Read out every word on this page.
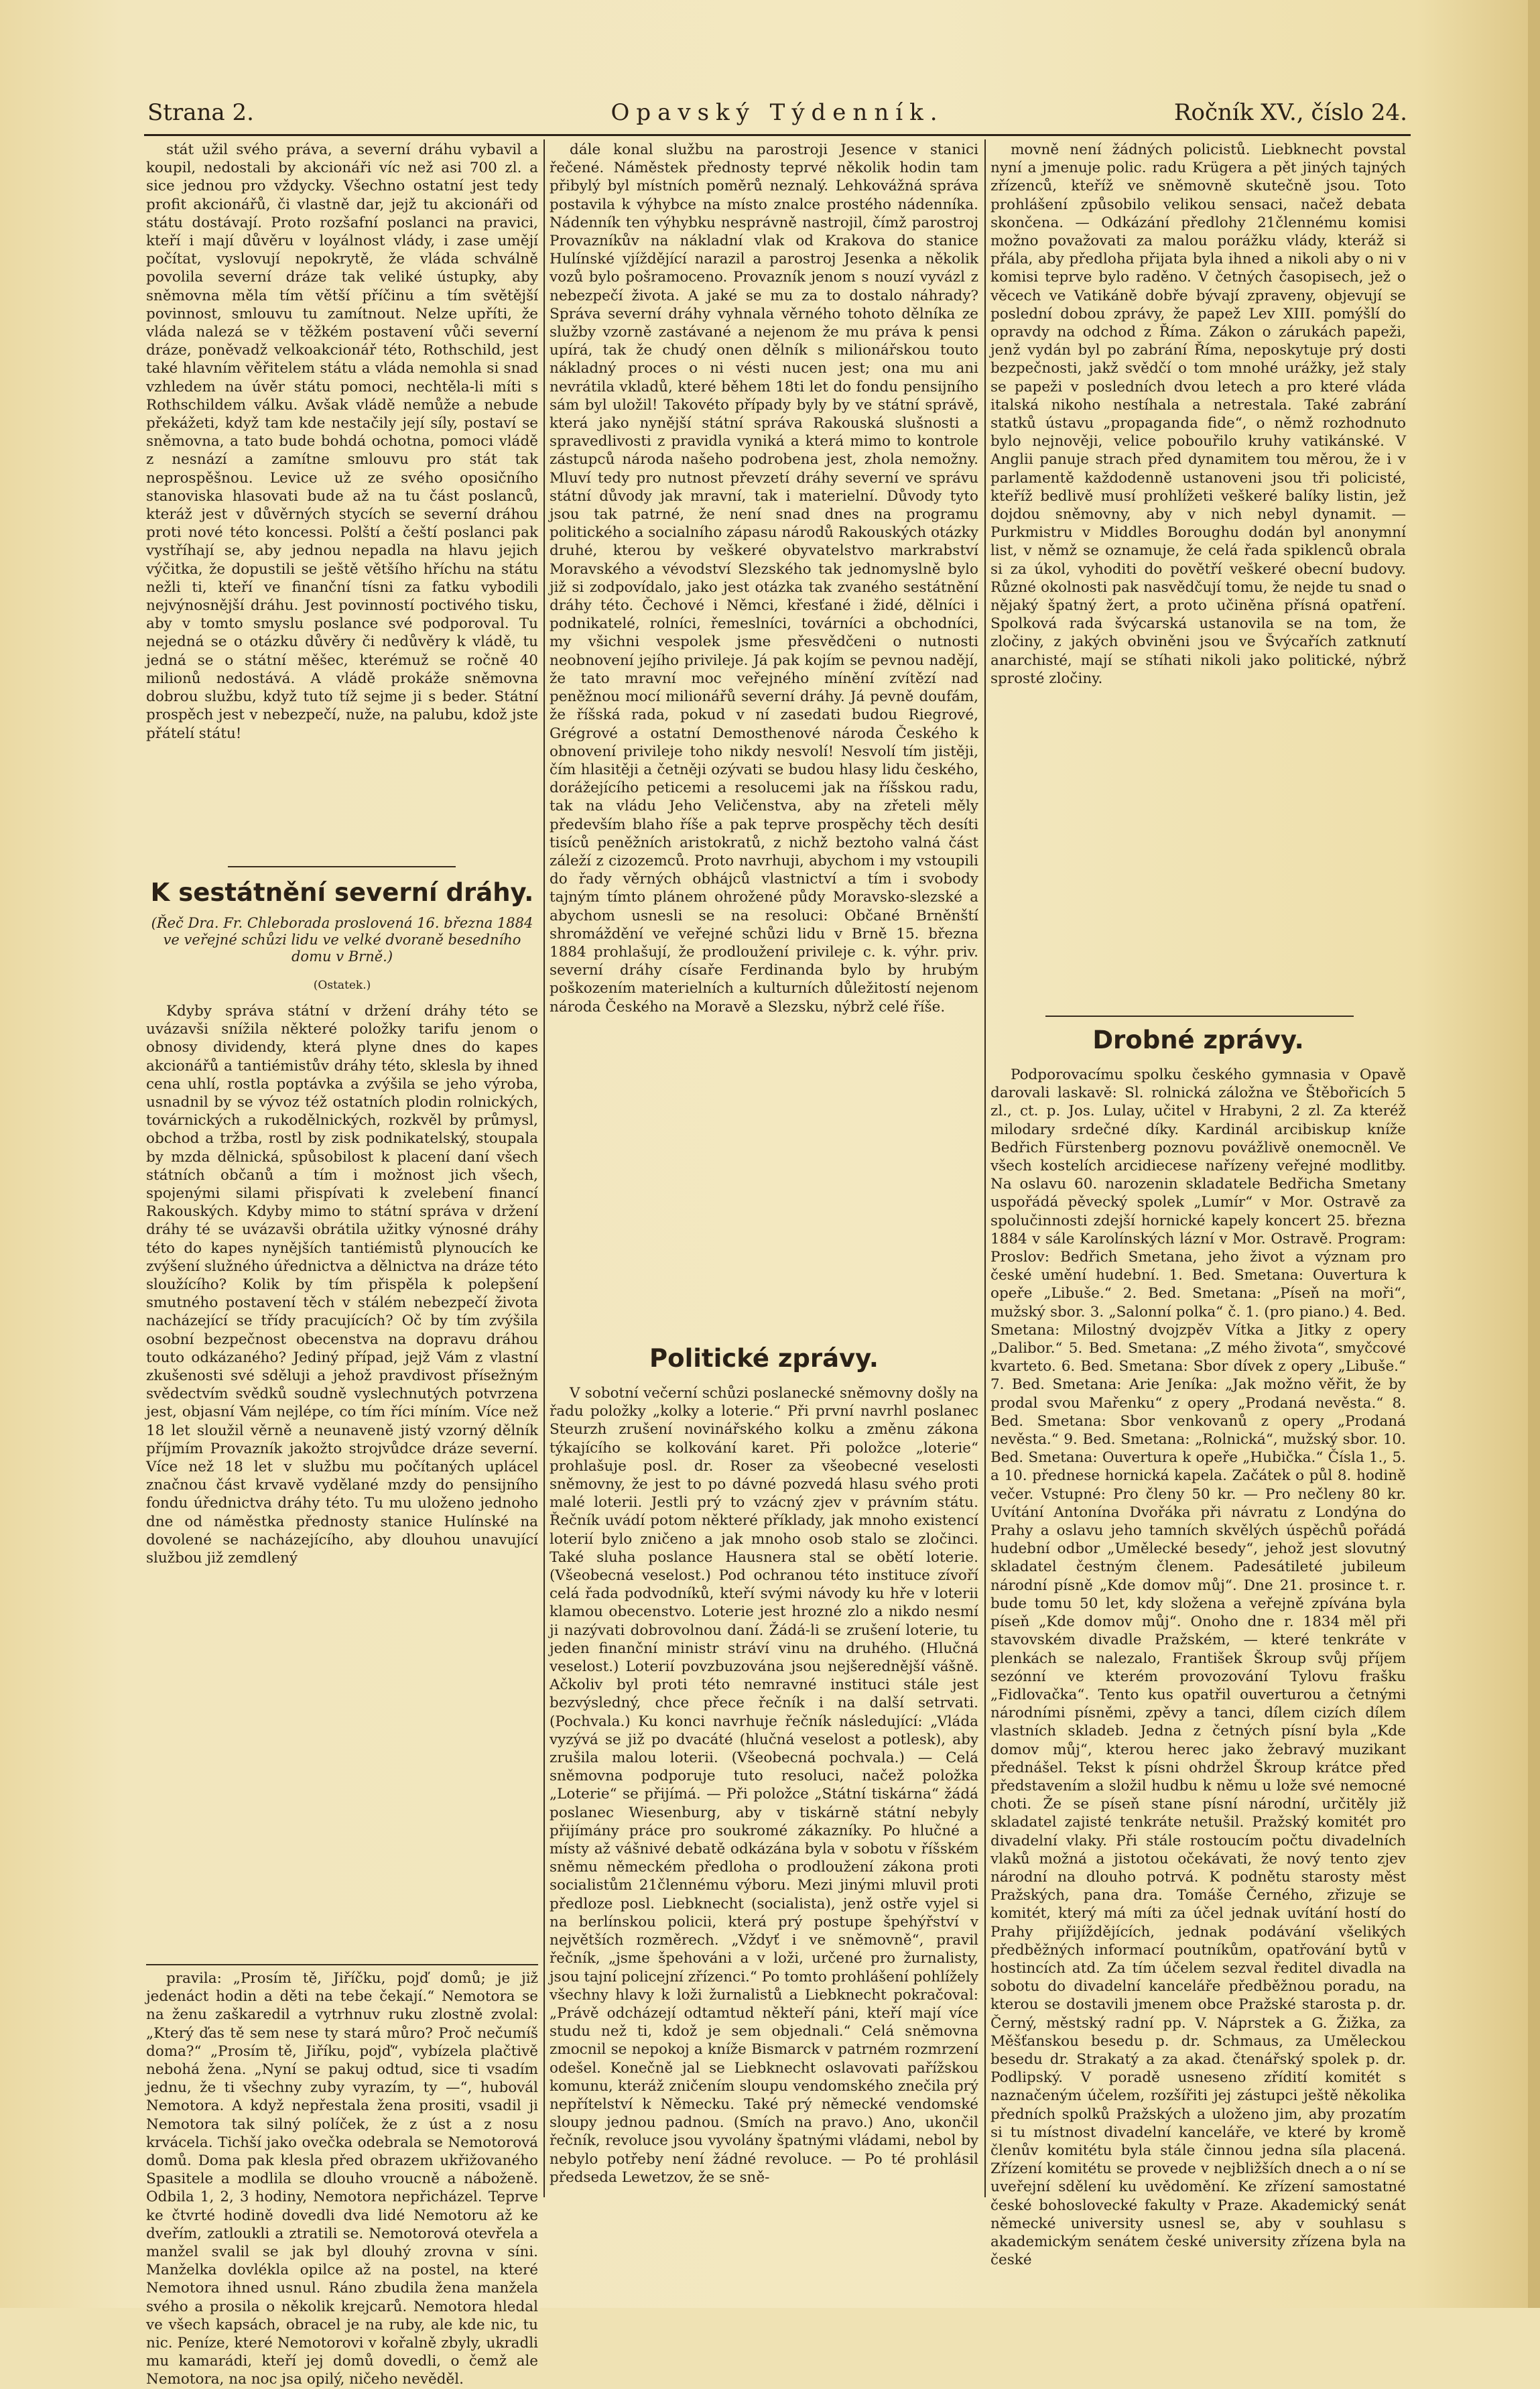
Strana 2.	Opavský Týdenník.	Ročník XV., číslo 24.

stát užil svého práva, a severní dráhu vybavil a koupil, nedostali by akcionáři víc než asi 700 zl. a sice jednou pro vždycky. Všechno ostatní jest tedy profit akcionářů, či vlastně dar, jejž tu akcionáři od státu dostávají. Proto rozšafní poslanci na pravici, kteří i mají důvěru v loyálnost vlády, i zase umějí počítat, vyslovují nepokrytě, že vláda schválně povolila severní dráze tak veliké ústupky, aby sněmovna měla tím větší příčinu a tím světější povinnost, smlouvu tu zamítnout. Nelze upříti, že vláda nalezá se v těžkém postavení vůči severní dráze, poněvadž velkoakcionář této, Rothschild, jest také hlavním věřitelem státu a vláda nemohla si snad vzhledem na úvěr státu pomoci, nechtěla-li míti s Rothschildem válku. Avšak vládě nemůže a nebude překážeti, když tam kde nestačily její síly, postaví se sněmovna, a tato bude bohdá ochotna, pomoci vládě z nesnází a zamítne smlouvu pro stát tak neprospěšnou. Levice už ze svého oposičního stanoviska hlasovati bude až na tu část poslanců, kteráž jest v důvěrných stycích se severní dráhou proti nové této koncessi. Polští a čeští poslanci pak vystříhají se, aby jednou nepadla na hlavu jejich výčitka, že dopustili se ještě většího hříchu na státu nežli ti, kteří ve finanční tísni za fatku vybodili nejvýnosnější dráhu. Jest povinností poctivého tisku, aby v tomto smyslu poslance své podporoval. Tu nejedná se o otázku důvěry či nedůvěry k vládě, tu jedná se o státní měšec, kterémuž se ročně 40 milionů nedostává. A vládě prokáže sněmovna dobrou službu, když tuto tíž sejme ji s beder. Státní prospěch jest v nebezpečí, nuže, na palubu, kdož jste přátelí státu!

K sestátnění severní dráhy.
(Řeč Dra. Fr. Chleborada proslovená 16. března 1884 ve veřejné schůzi lidu ve velké dvoraně besedního domu v Brně.)
(Ostatek.)

Kdyby správa státní v držení dráhy této se uvázavši snížila některé položky tarifu jenom o obnosy dividendy, která plyne dnes do kapes akcionářů a tantiémistův dráhy této, sklesla by ihned cena uhlí, rostla poptávka a zvýšila se jeho výroba, usnadnil by se vývoz též ostatních plodin rolnických, továrnických a rukodělnických, rozkvěl by průmysl, obchod a tržba, rostl by zisk podnikatelský, stoupala by mzda dělnická, spůsobilost k placení daní všech státních občanů a tím i možnost jich všech, spojenými silami přispívati k zvelebení financí Rakouských. Kdyby mimo to státní správa v držení dráhy té se uvázavši obrátila užitky výnosné dráhy této do kapes nynějších tantiémistů plynoucích ke zvýšení služného úřednictva a dělnictva na dráze této sloužícího? Kolik by tím přispěla k polepšení smutného postavení těch v stálém nebezpečí života nacházející se třídy pracujících? Oč by tím zvýšila osobní bezpečnost obecenstva na dopravu dráhou touto odkázaného? Jediný případ, jejž Vám z vlastní zkušenosti své sděluji a jehož pravdivost přísežným svědectvím svědků soudně vyslechnutých potvrzena jest, objasní Vám nejlépe, co tím říci míním. Více než 18 let sloužil věrně a neunaveně jistý vzorný dělník příjmím Provazník jakožto strojvůdce dráze severní. Více než 18 let v službu mu počítaných uplácel značnou část krvavě vydělané mzdy do pensijního fondu úřednictva dráhy této. Tu mu uloženo jednoho dne od náměstka přednosty stanice Hulínské na dovolené se nacházejícího, aby dlouhou unavující službou již zemdlený

pravila: „Prosím tě, Jiříčku, pojď domů; je již jedenáct hodin a děti na tebe čekají.“ Nemotora se na ženu zaškaredil a vytrhnuv ruku zlostně zvolal: „Který ďas tě sem nese ty stará můro? Proč nečumíš doma?“ „Prosím tě, Jiříku, pojď“, vybízela plačtivě nebohá žena. „Nyní se pakuj odtud, sice ti vsadím jednu, že ti všechny zuby vyrazím, ty —“, hubovál Nemotora. A když nepřestala žena prositi, vsadil ji Nemotora tak silný políček, že z úst a z nosu krvácela. Tichší jako ovečka odebrala se Nemotorová domů. Doma pak klesla před obrazem ukřižovaného Spasitele a modlila se dlouho vroucně a náboženě. Odbila 1, 2, 3 hodiny, Nemotora nepřicházel. Teprve ke čtvrté hodině dovedli dva lidé Nemotoru až ke dveřím, zatloukli a ztratili se. Nemotorová otevřela a manžel svalil se jak byl dlouhý zrovna v síni. Manželka dovlékla opilce až na postel, na které Nemotora ihned usnul. Ráno zbudila žena manžela svého a prosila o několik krejcarů. Nemotora hledal ve všech kapsách, obracel je na ruby, ale kde nic, tu nic. Peníze, které Nemotorovi v kořalně zbyly, ukradli mu kamarádi, kteří jej domů dovedli, o čemž ale Nemotora, na noc jsa opilý, ničeho nevěděl.

dále konal službu na parostroji Jesence v stanici řečené. Náměstek přednosty teprvé několik hodin tam přibylý byl místních poměrů neznalý. Lehkovážná správa postavila k výhybce na místo znalce prostého nádenníka. Nádenník ten výhybku nesprávně nastrojil, čímž parostroj Provazníkův na nákladní vlak od Krakova do stanice Hulínské vjíždějící narazil a parostroj Jesenka a několik vozů bylo pošramoceno. Provazník jenom s nouzí vyvázl z nebezpečí života. A jaké se mu za to dostalo náhrady? Správa severní dráhy vyhnala věrného tohoto dělníka ze služby vzorně zastávané a nejenom že mu práva k pensi upírá, tak že chudý onen dělník s milionářskou touto nákladný proces o ni vésti nucen jest; ona mu ani nevrátila vkladů, které během 18ti let do fondu pensijního sám byl uložil! Takovéto případy byly by ve státní správě, která jako nynější státní správa Rakouská slušnosti a spravedlivosti z pravidla vyniká a která mimo to kontrole zástupců národa našeho podrobena jest, zhola nemožny. Mluví tedy pro nutnost převzetí dráhy severní ve správu státní důvody jak mravní, tak i materielní. Důvody tyto jsou tak patrné, že není snad dnes na programu politického a socialního zápasu národů Rakouských otázky druhé, kterou by veškeré obyvatelstvo markrabství Moravského a vévodství Slezského tak jednomyslně bylo již si zodpovídalo, jako jest otázka tak zvaného sestátnění dráhy této. Čechové i Němci, křesťané i židé, dělníci i podnikatelé, rolníci, řemeslníci, továrníci a obchodníci, my všichni vespolek jsme přesvědčeni o nutnosti neobnovení jejího privileje. Já pak kojím se pevnou nadějí, že tato mravní moc veřejného mínění zvítězí nad peněžnou mocí milionářů severní dráhy. Já pevně doufám, že říšská rada, pokud v ní zasedati budou Riegrové, Grégrové a ostatní Demosthenové národa Českého k obnovení privileje toho nikdy nesvolí! Nesvolí tím jistěji, čím hlasitěji a četněji ozývati se budou hlasy lidu českého, dorážejícího peticemi a resolucemi jak na říšskou radu, tak na vládu Jeho Veličenstva, aby na zřeteli měly především blaho říše a pak teprve prospěchy těch desíti tisíců peněžních aristokratů, z nichž beztoho valná část záleží z cizozemců. Proto navrhuji, abychom i my vstoupili do řady věrných obhájců vlastnictví a tím i svobody tajným tímto plánem ohrožené půdy Moravsko-slezské a abychom usnesli se na resoluci: Občané Brněnští shromáždění ve veřejné schůzi lidu v Brně 15. března 1884 prohlašují, že prodloužení privileje c. k. výhr. priv. severní dráhy císaře Ferdinanda bylo by hrubým poškozením materielních a kulturních důležitostí nejenom národa Českého na Moravě a Slezsku, nýbrž celé říše.

Politické zprávy.

V sobotní večerní schůzi poslanecké sněmovny došly na řadu položky „kolky a loterie.“ Při první navrhl poslanec Steurzh zrušení novinářského kolku a změnu zákona týkajícího se kolkování karet. Při položce „loterie“ prohlašuje posl. dr. Roser za všeobecné veselosti sněmovny, že jest to po dávné pozvedá hlasu svého proti malé loterii. Jestli prý to vzácný zjev v právním státu. Řečník uvádí potom některé příklady, jak mnoho existencí loterií bylo zničeno a jak mnoho osob stalo se zločinci. Také sluha poslance Hausnera stal se obětí loterie. (Všeobecná veselost.) Pod ochranou této instituce zívoří celá řada podvodníků, kteří svými návody ku hře v loterii klamou obecenstvo. Loterie jest hrozné zlo a nikdo nesmí ji nazývati dobrovolnou daní. Žádá-li se zrušení loterie, tu jeden finanční ministr stráví vinu na druhého. (Hlučná veselost.) Loterií povzbuzována jsou nejšerednější vášně. Ačkoliv byl proti této nemravné instituci stále jest bezvýsledný, chce přece řečník i na další setrvati. (Pochvala.) Ku konci navrhuje řečník následující: „Vláda vyzývá se již po dvacáté (hlučná veselost a potlesk), aby zrušila malou loterii. (Všeobecná pochvala.) — Celá sněmovna podporuje tuto resoluci, načež položka „Loterie“ se přijímá. — Při položce „Státní tiskárna“ žádá poslanec Wiesenburg, aby v tiskárně státní nebyly přijímány práce pro soukromé zákazníky. Po hlučné a místy až vášnivé debatě odkázána byla v sobotu v říšském sněmu německém předloha o prodloužení zákona proti socialistům 21člennému výboru. Mezi jinými mluvil proti předloze posl. Liebknecht (socialista), jenž ostře vyjel si na berlínskou policii, která prý postupe špehýřství v největších rozměrech. „Vždyť i ve sněmovně“, pravil řečník, „jsme špehováni a v loži, určené pro žurnalisty, jsou tajní policejní zřízenci.“ Po tomto prohlášení pohlížely všechny hlavy k loži žurnalistů a Liebknecht pokračoval: „Právě odcházejí odtamtud někteří páni, kteří mají více studu než ti, kdož je sem objednali.“ Celá sněmovna zmocnil se nepokoj a kníže Bismarck v patrném rozmrzení odešel. Konečně jal se Liebknecht oslavovati pařížskou komunu, kteráž zničením sloupu vendomského znečila prý nepřítelství k Německu. Také prý německé vendomské sloupy jednou padnou. (Smích na pravo.) Ano, ukončil řečník, revoluce jsou vyvolány špatnými vládami, nebol by nebylo potřeby není žádné revoluce. — Po té prohlásil předseda Lewetzov, že se sně-

movně není žádných policistů. Liebknecht povstal nyní a jmenuje polic. radu Krügera a pět jiných tajných zřízenců, kteříž ve sněmovně skutečně jsou. Toto prohlášení způsobilo velikou sensaci, načež debata skončena. — Odkázání předlohy 21člennému komisi možno považovati za malou porážku vlády, kteráž si přála, aby předloha přijata byla ihned a nikoli aby o ni v komisi teprve bylo raděno. V četných časopisech, jež o věcech ve Vatikáně dobře bývají zpraveny, objevují se poslední dobou zprávy, že papež Lev XIII. pomýšlí do opravdy na odchod z Říma. Zákon o zárukách papeži, jenž vydán byl po zabrání Říma, neposkytuje prý dosti bezpečnosti, jakž svědčí o tom mnohé urážky, jež staly se papeži v posledních dvou letech a pro které vláda italská nikoho nestíhala a netrestala. Také zabrání statků ústavu „propaganda fide“, o němž rozhodnuto bylo nejnověji, velice pobouřilo kruhy vatikánské. V Anglii panuje strach před dynamitem tou měrou, že i v parlamentě každodenně ustanoveni jsou tři policisté, kteříž bedlivě musí prohlížeti veškeré balíky listin, jež dojdou sněmovny, aby v nich nebyl dynamit. — Purkmistru v Middles Boroughu dodán byl anonymní list, v němž se oznamuje, že celá řada spiklenců obrala si za úkol, vyhoditi do povětří veškeré obecní budovy. Různé okolnosti pak nasvědčují tomu, že nejde tu snad o nějaký špatný žert, a proto učiněna přísná opatření. Spolková rada švýcarská ustanovila se na tom, že zločiny, z jakých obviněni jsou ve Švýcařích zatknutí anarchisté, mají se stíhati nikoli jako politické, nýbrž sprosté zločiny.

Drobné zprávy.

Podporovacímu spolku českého gymnasia v Opavě darovali laskavě: Sl. rolnická záložna ve Štěbořicích 5 zl., ct. p. Jos. Lulay, učitel v Hrabyni, 2 zl. Za kteréž milodary srdečné díky. Kardinál arcibiskup kníže Bedřich Fürstenberg poznovu povážlivě onemocněl. Ve všech kostelích arcidiecese nařízeny veřejné modlitby. Na oslavu 60. narozenin skladatele Bedřicha Smetany uspořádá pěvecký spolek „Lumír“ v Mor. Ostravě za spolučinnosti zdejší hornické kapely koncert 25. března 1884 v sále Karolínských lázní v Mor. Ostravě. Program: Proslov: Bedřich Smetana, jeho život a význam pro české umění hudební. 1. Bed. Smetana: Ouvertura k opeře „Libuše.“ 2. Bed. Smetana: „Píseň na moři“, mužský sbor. 3. „Salonní polka“ č. 1. (pro piano.) 4. Bed. Smetana: Milostný dvojzpěv Vítka a Jitky z opery „Dalibor.“ 5. Bed. Smetana: „Z mého života“, smyčcové kvarteto. 6. Bed. Smetana: Sbor dívek z opery „Libuše.“ 7. Bed. Smetana: Arie Jeníka: „Jak možno věřit, že by prodal svou Mařenku“ z opery „Prodaná nevěsta.“ 8. Bed. Smetana: Sbor venkovanů z opery „Prodaná nevěsta.“ 9. Bed. Smetana: „Rolnická“, mužský sbor. 10. Bed. Smetana: Ouvertura k opeře „Hubička.“ Čísla 1., 5. a 10. přednese hornická kapela. Začátek o půl 8. hodině večer. Vstupné: Pro členy 50 kr. — Pro nečleny 80 kr. Uvítání Antonína Dvořáka při návratu z Londýna do Prahy a oslavu jeho tamních skvělých úspěchů pořádá hudební odbor „Umělecké besedy“, jehož jest slovutný skladatel čestným členem. Padesátileté jubileum národní písně „Kde domov můj“. Dne 21. prosince t. r. bude tomu 50 let, kdy složena a veřejně zpívána byla píseň „Kde domov můj“. Onoho dne r. 1834 měl při stavovském divadle Pražském, — které tenkráte v plenkách se nalezalo, František Škroup svůj příjem sezónní ve kterém provozování Tylovu frašku „Fidlovačka“. Tento kus opatřil ouverturou a četnými národními písněmi, zpěvy a tanci, dílem cizích dílem vlastních skladeb. Jedna z četných písní byla „Kde domov můj“, kterou herec jako žebravý muzikant přednášel. Tekst k písni ohdržel Škroup krátce před představením a složil hudbu k němu u lože své nemocné choti. Že se píseň stane písní národní, určitěly již skladatel zajisté tenkráte netušil. Pražský komitét pro divadelní vlaky. Při stále rostoucím počtu divadelních vlaků možná a jistotou očekávati, že nový tento zjev národní na dlouho potrvá. K podnětu starosty měst Pražských, pana dra. Tomáše Černého, zřizuje se komitét, který má míti za účel jednak uvítání hostí do Prahy přijíždějících, jednak podávání všelikých předběžných informací poutníkům, opatřování bytů v hostincích atd. Za tím účelem sezval ředitel divadla na sobotu do divadelní kanceláře předběžnou poradu, na kterou se dostavili jmenem obce Pražské starosta p. dr. Černý, městský radní pp. V. Náprstek a G. Žižka, za Měšťanskou besedu p. dr. Schmaus, za Uměleckou besedu dr. Strakatý a za akad. čtenářský spolek p. dr. Podlipský. V poradě usneseno zřídití komitét s naznačeným účelem, rozšířiti jej zástupci ještě několika předních spolků Pražských a uloženo jim, aby prozatím si tu místnost divadelní kanceláře, ve které by kromě členův komitétu byla stále činnou jedna síla placená. Zřízení komitétu se provede v nejbližších dnech a o ní se uveřejní sdělení ku uvědomění. Ke zřízení samostatné české bohoslovecké fakulty v Praze. Akademický senát německé university usnesl se, aby v souhlasu s akademickým senátem české university zřízena byla na české
